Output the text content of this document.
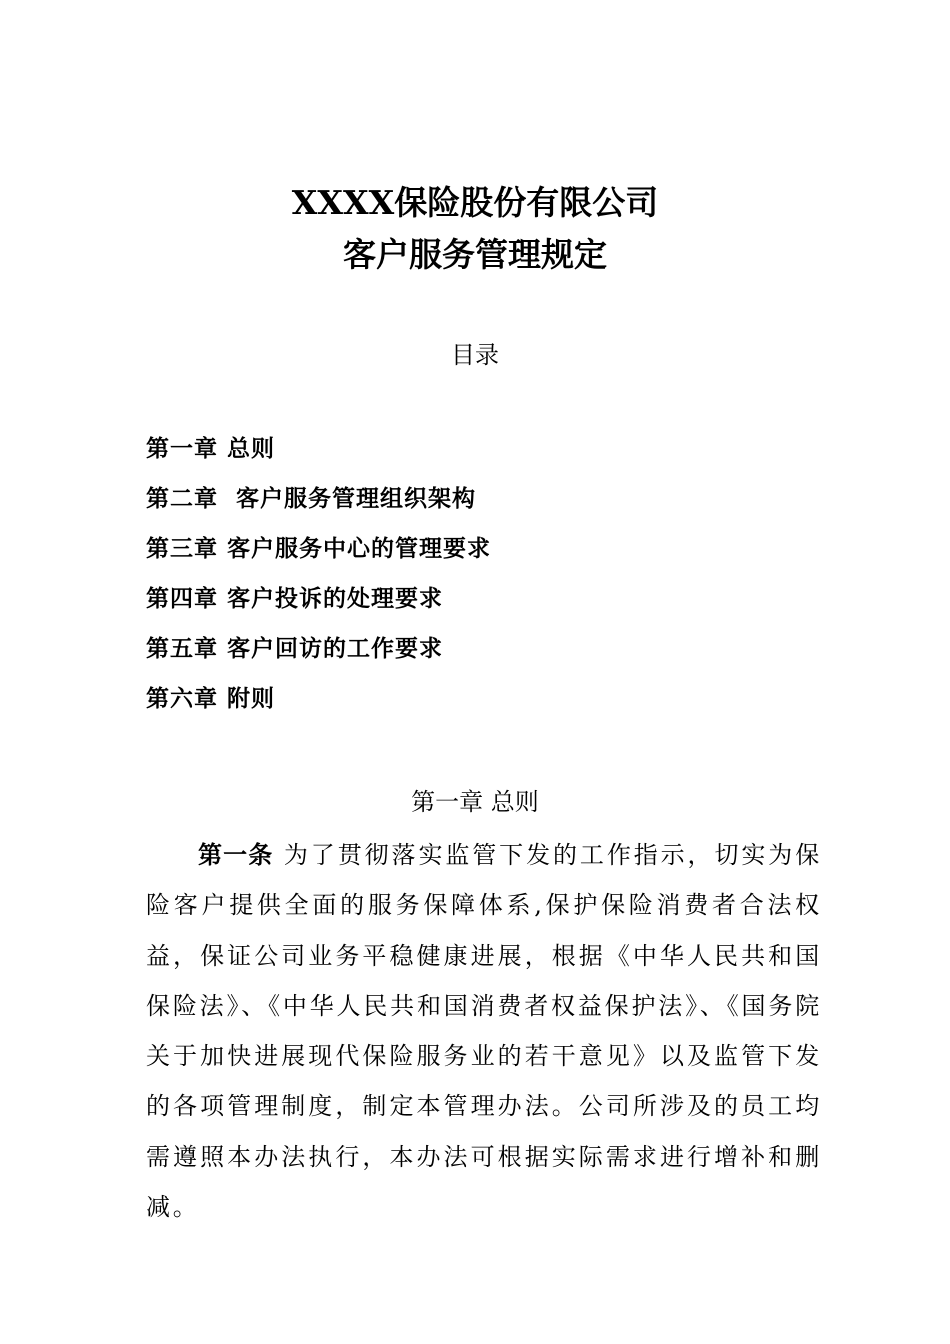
XXXX保险股份有限公司
客户服务管理规定
目录
第一章 总则
第二章  客户服务管理组织架构
第三章 客户服务中心的管理要求
第四章 客户投诉的处理要求
第五章 客户回访的工作要求
第六章 附则
第一章 总则

第一条 为了贯彻落实监管下发的工作指示，切实为保险客户提供全面的服务保障体系,保护保险消费者合法权益，保证公司业务平稳健康进展，根据《中华人民共和国保险法》、《中华人民共和国消费者权益保护法》、《国务院关于加快进展现代保险服务业的若干意见》以及监管下发的各项管理制度，制定本管理办法。公司所涉及的员工均需遵照本办法执行，本办法可根据实际需求进行增补和删减。
